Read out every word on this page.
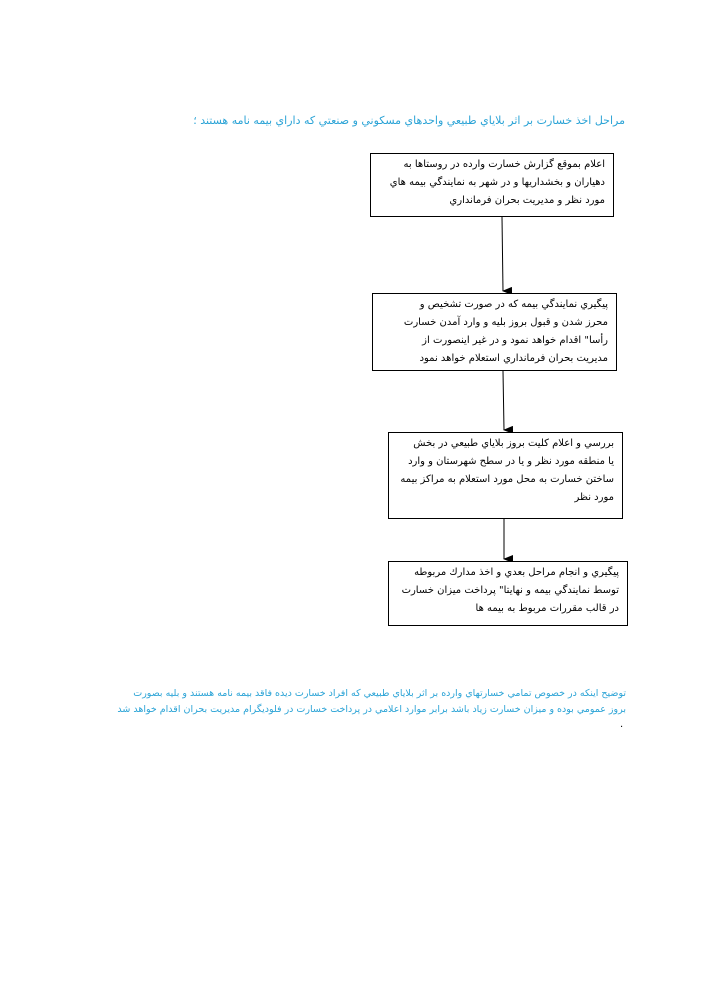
مراحل اخذ خسارت بر اثر بلاياي طبيعي واحدهاي مسكوني و صنعتي كه داراي بيمه نامه هستند ؛
اعلام بموقع گزارش خسارت وارده در روستاها به
دهياران و بخشداريها و در شهر به نمايندگي بيمه هاي
مورد نظر و مديريت بحران فرمانداري
پيگيري نمايندگي بيمه كه در صورت تشخيص و
محرز شدن و قبول بروز بليه و وارد آمدن خسارت
رأسا" اقدام خواهد نمود و در غير اينصورت از
مديريت بحران فرمانداري استعلام خواهد نمود
بررسي و اعلام كليت بروز بلاياي طبيعي در بخش
يا منطقه مورد نظر و يا در سطح شهرستان و وارد
ساختن خسارت به محل مورد استعلام به مراكز بيمه
مورد نظر
پيگيري و انجام مراحل بعدي و اخذ مدارك مربوطه
توسط نمايندگي بيمه و نهايتا" پرداخت ميزان خسارت
در قالب مقررات مربوط به بيمه ها
توضيح اينكه در خصوص تمامي خسارتهاي وارده بر اثر بلاياي طبيعي كه افراد خسارت ديده فاقد بيمه نامه هستند و بليه بصورت
بروز عمومي بوده و ميزان خسارت زياد باشد برابر موارد اعلامي در پرداخت خسارت در فلوديگرام مديريت بحران اقدام خواهد شد
.
